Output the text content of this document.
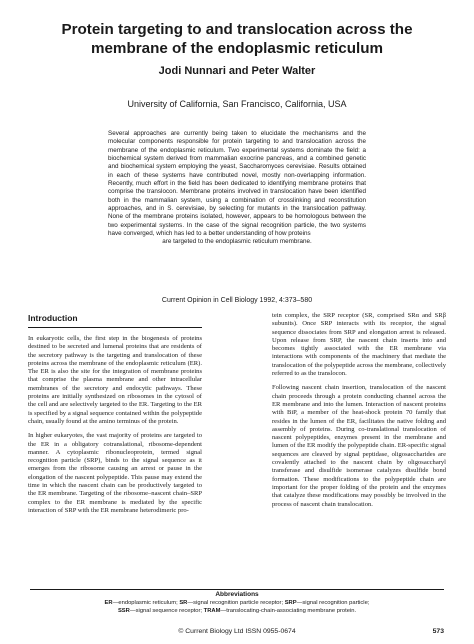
Protein targeting to and translocation across the membrane of the endoplasmic reticulum
Jodi Nunnari and Peter Walter
University of California, San Francisco, California, USA
Several approaches are currently being taken to elucidate the mechanisms and the molecular components responsible for protein targeting to and translocation across the membrane of the endoplasmic reticulum. Two experimental systems dominate the field: a biochemical system derived from mammalian exocrine pancreas, and a combined genetic and biochemical system employing the yeast, Saccharomyces cerevisiae. Results obtained in each of these systems have contributed novel, mostly non-overlapping information. Recently, much effort in the field has been dedicated to identifying membrane proteins that comprise the translocon. Membrane proteins involved in translocation have been identified both in the mammalian system, using a combination of crosslinking and reconstitution approaches, and in S. cerevisiae, by selecting for mutants in the translocation pathway. None of the membrane proteins isolated, however, appears to be homologous between the two experimental systems. In the case of the signal recognition particle, the two systems have converged, which has led to a better understanding of how proteins
are targeted to the endoplasmic reticulum membrane.
Current Opinion in Cell Biology 1992, 4:373–580
Introduction

In eukaryotic cells, the first step in the biogenesis of proteins destined to be secreted and lumenal proteins that are residents of the secretory pathway is the targeting and translocation of these proteins across the membrane of the endoplasmic reticulum (ER). The ER is also the site for the integration of membrane proteins that comprise the plasma membrane and other intracellular membranes of the secretory and endocytic pathways. These proteins are initially synthesized on ribosomes in the cytosol of the cell and are selectively targeted to the ER. Targeting to the ER is specified by a signal sequence contained within the polypeptide chain, usually found at the amino terminus of the protein.

In higher eukaryotes, the vast majority of proteins are targeted to the ER in a obligatory cotranslational, ribosome-dependent manner. A cytoplasmic ribonucleoprotein, termed signal recognition particle (SRP), binds to the signal sequence as it emerges from the ribosome causing an arrest or pause in the elongation of the nascent polypeptide. This pause may extend the time in which the nascent chain can be productively targeted to the ER membrane. Targeting of the ribosome–nascent chain–SRP complex to the ER membrane is mediated by the specific interaction of SRP with the ER membrane heterodimeric pro-

tein complex, the SRP receptor (SR, comprised SRα and SRβ subunits). Once SRP interacts with its receptor, the signal sequence dissociates from SRP and elongation arrest is released. Upon release from SRP, the nascent chain inserts into and becomes tightly associated with the ER membrane via interactions with components of the machinery that mediate the translocation of the polypeptide across the membrane, collectively referred to as the translocon.

Following nascent chain insertion, translocation of the nascent chain proceeds through a protein conducting channel across the ER membrane and into the lumen. Interaction of nascent proteins with BiP, a member of the heat-shock protein 70 family that resides in the lumen of the ER, facilitates the native folding and assembly of proteins. During co-translational translocation of nascent polypeptides, enzymes present in the membrane and lumen of the ER modify the polypeptide chain. ER-specific signal sequences are cleaved by signal peptidase, oligosaccharides are covalently attached to the nascent chain by oligosaccharyl transferase and disulfide isomerase catalyzes disulfide bond formation. These modifications to the polypeptide chain are important for the proper folding of the protein and the enzymes that catalyze these modifications may possibly be involved in the process of nascent chain translocation.

Abbreviations
ER—endoplasmic reticulum; SR—signal recognition particle receptor; SRP—signal recognition particle;
SSR—signal sequence receptor; TRAM—translocating-chain-associating membrane protein.
© Current Biology Ltd ISSN 0955-0674	573
